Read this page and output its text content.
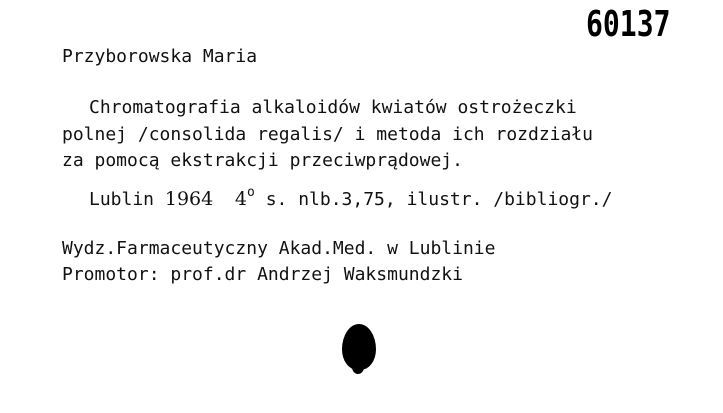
60137
Przyborowska Maria
Chromatografia alkaloidów kwiatów ostrożeczki
polnej /consolida regalis/ i metoda ich rozdziału
za pomocą ekstrakcji przeciwprądowej.
Lublin 1964 4$^o$ s. nlb.3,75, ilustr. /bibliogr./
Wydz.Farmaceutyczny Akad.Med. w Lublinie
Promotor: prof.dr Andrzej Waksmundzki
